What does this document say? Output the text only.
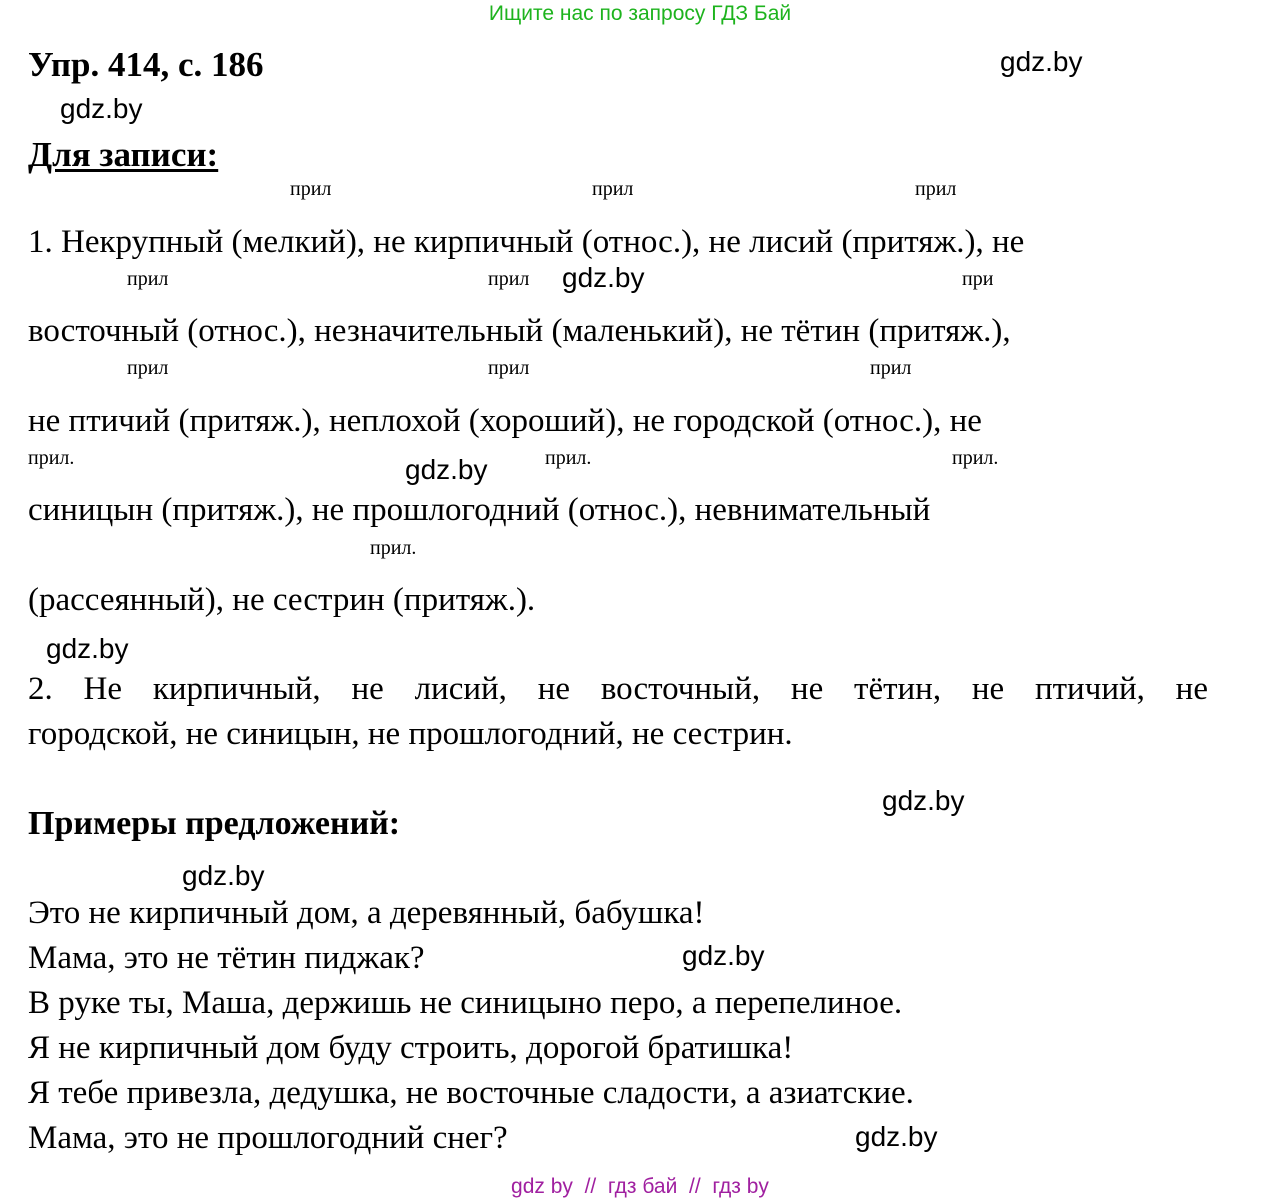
Ищите нас по запросу ГДЗ Бай
Упр. 414, с. 186	gdz.by
gdz.by
Для записи:
прил	прил	прил
1. Некрупный (мелкий), не кирпичный (относ.), не лисий (притяж.), не
прил	прил gdz.by	при
восточный (относ.), незначительный (маленький), не тётин (притяж.),
прил	прил	прил
не птичий (притяж.), неплохой (хороший), не городской (относ.), не
прил.	gdz.by	прил.	прил.
синицын (притяж.), не прошлогодний (относ.), невнимательный
прил.
(рассеянный), не сестрин (притяж.).
gdz.by
2. Не кирпичный, не лисий, не восточный, не тётин, не птичий, не
городской, не синицын, не прошлогодний, не сестрин.
gdz.by
Примеры предложений:
gdz.by
Это не кирпичный дом, а деревянный, бабушка!
Мама, это не тётин пиджак?	gdz.by
В руке ты, Маша, держишь не синицыно перо, а перепелиное.
Я не кирпичный дом буду строить, дорогой братишка!
Я тебе привезла, дедушка, не восточные сладости, а азиатские.
Мама, это не прошлогодний снег?	gdz.by
gdz by  //  гдз бай  //  гдз by
